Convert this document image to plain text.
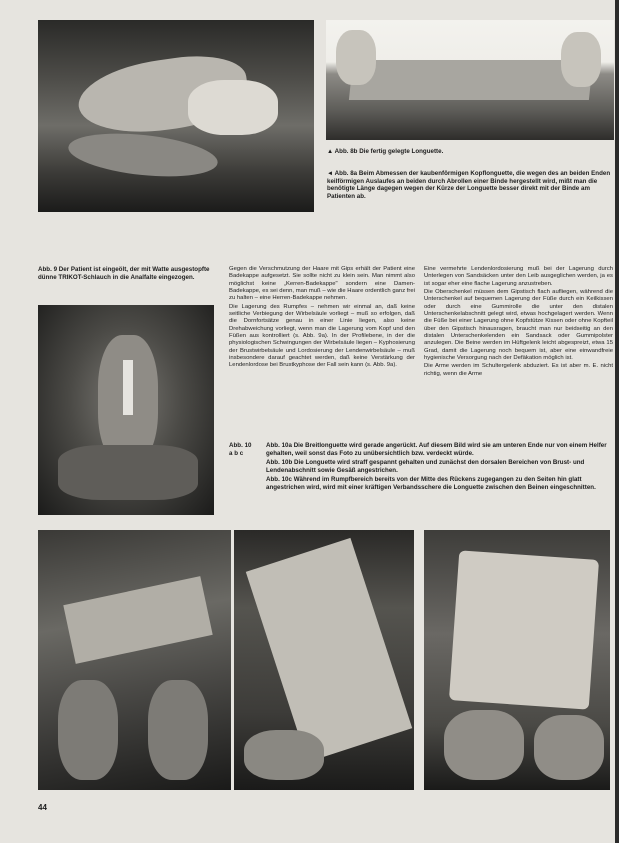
▲ Abb. 8b Die fertig gelegte Longuette.

◄ Abb. 8a Beim Abmessen der kaubenförmigen Kopflonguette, die wegen des an beiden Enden keilförmigen Auslaufes an beiden durch Abrollen einer Binde hergestellt wird, mißt man die benötigte Länge dagegen wegen der Kürze der Longuette besser direkt mit der Binde am Patienten ab.

Abb. 9 Der Patient ist eingeölt, der mit Watte ausgestopfte dünne TRIKOT-Schlauch in die Analfalte eingezogen.

Gegen die Verschmutzung der Haare mit Gips erhält der Patient eine Badekappe aufgesetzt. Sie sollte nicht zu klein sein. Man nimmt also möglichst keine „Kerren-Badekappe" sondern eine Damen-Badekappe, es sei denn, man muß – wie die Haare ordentlich ganz frei zu halten – eine Herren-Badekappe nehmen.

Die Lagerung des Rumpfes – nehmen wir einmal an, daß keine seitliche Verbiegung der Wirbelsäule vorliegt – muß so erfolgen, daß die Dornfortsätze genau in einer Linie liegen, also keine Drehabweichung vorliegt, wenn man die Lagerung vom Kopf und den Füßen aus kontrolliert (s. Abb. 9a). In der Profilebene, in der die physiologischen Schwingungen der Wirbelsäule liegen – Kyphosierung der Brustwirbelsäule und Lordosierung der Lendenwirbelsäule – muß insbesondere darauf geachtet werden, daß keine Verstärkung der Lendenlordose bei Brustkyphose der Fall sein kann (s. Abb. 9a).

Eine vermehrte Lendenlordosierung muß bei der Lagerung durch Unterlegen von Sandsäcken unter den Leib ausgeglichen werden, ja es ist sogar eher eine flache Lagerung anzustreben.

Die Oberschenkel müssen dem Gipstisch flach aufliegen, während die Unterschenkel auf bequemen Lagerung der Füße durch ein Keilkissen oder durch eine Gummirolle die unter den distalen Unterschenkelabschnitt gelegt wird, etwas hochgelagert werden. Wenn die Füße bei einer Lagerung ohne Kopfstütze Kissen oder ohne Kopfteil über den Gipstisch hinausragen, braucht man nur beidseitig an den distalen Unterschenkelenden ein Sandsack oder Gummipolster anzulegen. Die Beine werden im Hüftgelenk leicht abgespreizt, etwa 15 Grad, damit die Lagerung noch bequem ist, aber eine einwandfreie hygienische Versorgung nach der Defäkation möglich ist.

Die Arme werden im Schultergelenk abduziert. Es ist aber m. E. nicht richtig, wenn die Arme

Abb. 10
a b c

Abb. 10a Die Breitlonguette wird gerade angerückt. Auf diesem Bild wird sie am unteren Ende nur von einem Helfer gehalten, weil sonst das Foto zu unübersichtlich bzw. verdeckt würde.

Abb. 10b Die Longuette wird straff gespannt gehalten und zunächst den dorsalen Bereichen von Brust- und Lendenabschnitt sowie Gesäß angestrichen.

Abb. 10c Während im Rumpfbereich bereits von der Mitte des Rückens zugegangen zu den Seiten hin glatt angestrichen wird, wird mit einer kräftigen Verbandsschere die Longuette zwischen den Beinen eingeschnitten.

44
